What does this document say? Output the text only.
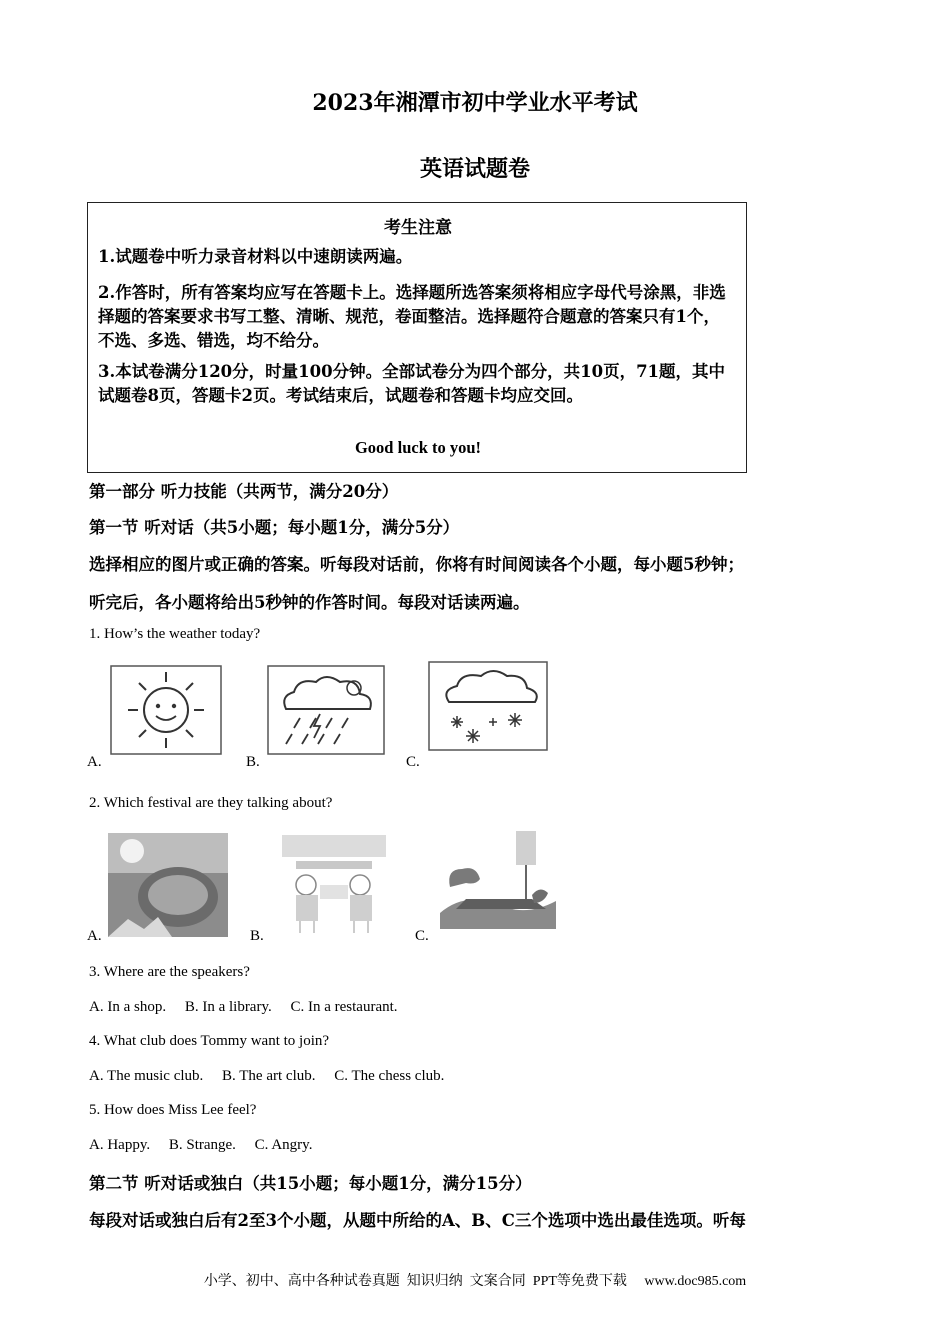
2023年湘潭市初中学业水平考试
英语试题卷
考生注意
1.试题卷中听力录音材料以中速朗读两遍。
2.作答时，所有答案均应写在答题卡上。选择题所选答案须将相应字母代号涂黑，非选择题的答案要求书写工整、清晰、规范，卷面整洁。选择题符合题意的答案只有1个，不选、多选、错选，均不给分。
3.本试卷满分120分，时量100分钟。全部试卷分为四个部分，共10页，71题，其中试题卷8页，答题卡2页。考试结束后，试题卷和答题卡均应交回。
Good luck to you!
第一部分 听力技能（共两节，满分20分）
第一节 听对话（共5小题；每小题1分，满分5分）
选择相应的图片或正确的答案。听每段对话前，你将有时间阅读各个小题，每小题5秒钟；
听完后，各小题将给出5秒钟的作答时间。每段对话读两遍。
1. How’s the weather today?
A.	B.	C.
2. Which festival are they talking about?
A.	B.	C.
3. Where are the speakers?
A. In a shop.     B. In a library.     C. In a restaurant.
4. What club does Tommy want to join?
A. The music club.     B. The art club.     C. The chess club.
5. How does Miss Lee feel?
A. Happy.     B. Strange.     C. Angry.
第二节 听对话或独白（共15小题；每小题1分，满分15分）
每段对话或独白后有2至3个小题，从题中所给的A、B、C三个选项中选出最佳选项。听每
小学、初中、高中各种试卷真题  知识归纳  文案合同  PPT等免费下载     www.doc985.com
